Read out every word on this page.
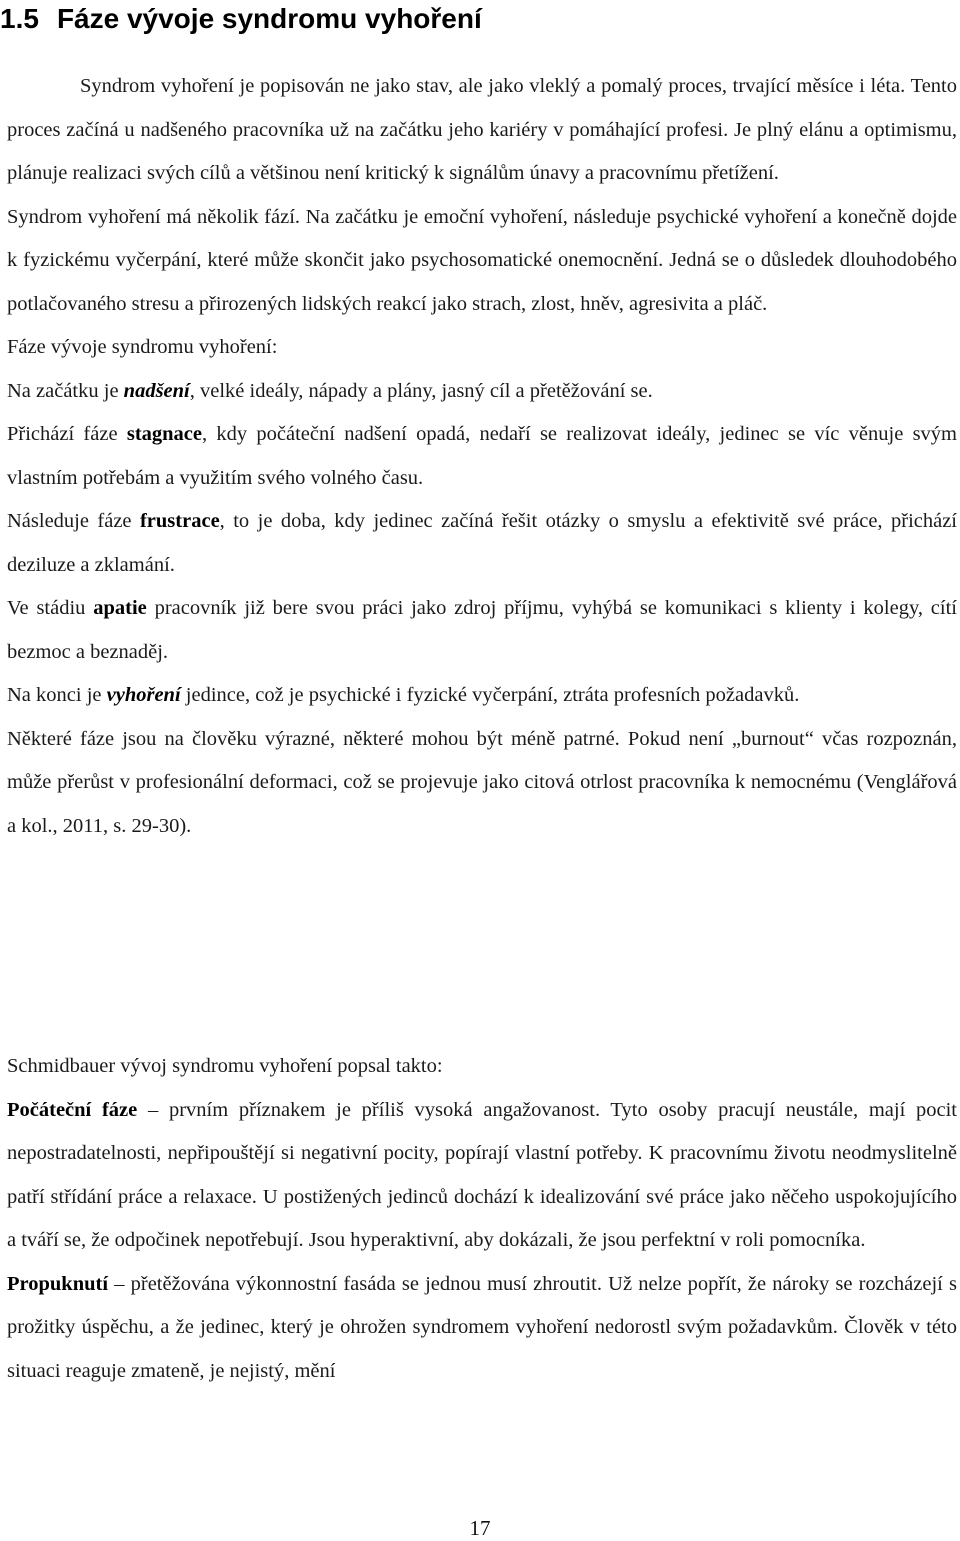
1.5 Fáze vývoje syndromu vyhoření

Syndrom vyhoření je popisován ne jako stav, ale jako vleklý a pomalý proces, trvající měsíce i léta. Tento proces začíná u nadšeného pracovníka už na začátku jeho kariéry v pomáhající profesi. Je plný elánu a optimismu, plánuje realizaci svých cílů a většinou není kritický k signálům únavy a pracovnímu přetížení.

Syndrom vyhoření má několik fází. Na začátku je emoční vyhoření, následuje psychické vyhoření a konečně dojde k fyzickému vyčerpání, které může skončit jako psychosomatické onemocnění. Jedná se o důsledek dlouhodobého potlačovaného stresu a přirozených lidských reakcí jako strach, zlost, hněv, agresivita a pláč.

Fáze vývoje syndromu vyhoření:

Na začátku je nadšení, velké ideály, nápady a plány, jasný cíl a přetěžování se.

Přichází fáze stagnace, kdy počáteční nadšení opadá, nedaří se realizovat ideály, jedinec se víc věnuje svým vlastním potřebám a využitím svého volného času.

Následuje fáze frustrace, to je doba, kdy jedinec začíná řešit otázky o smyslu a efektivitě své práce, přichází deziluze a zklamání.

Ve stádiu apatie pracovník již bere svou práci jako zdroj příjmu, vyhýbá se komunikaci s klienty i kolegy, cítí bezmoc a beznaděj.

Na konci je vyhoření jedince, což je psychické i fyzické vyčerpání, ztráta profesních požadavků.

Některé fáze jsou na člověku výrazné, některé mohou být méně patrné. Pokud není „burnout“ včas rozpoznán, může přerůst v profesionální deformaci, což se projevuje jako citová otrlost pracovníka k nemocnému (Venglářová a kol., 2011, s. 29-30).

Schmidbauer vývoj syndromu vyhoření popsal takto:

Počáteční fáze – prvním příznakem je příliš vysoká angažovanost. Tyto osoby pracují neustále, mají pocit nepostradatelnosti, nepřipouštějí si negativní pocity, popírají vlastní potřeby. K pracovnímu životu neodmyslitelně patří střídání práce a relaxace. U postižených jedinců dochází k idealizování své práce jako něčeho uspokojujícího a tváří se, že odpočinek nepotřebují. Jsou hyperaktivní, aby dokázali, že jsou perfektní v roli pomocníka.

Propuknutí – přetěžována výkonnostní fasáda se jednou musí zhroutit. Už nelze popřít, že nároky se rozcházejí s prožitky úspěchu, a že jedinec, který je ohrožen syndromem vyhoření nedorostl svým požadavkům. Člověk v této situaci reaguje zmateně, je nejistý, mění

17
